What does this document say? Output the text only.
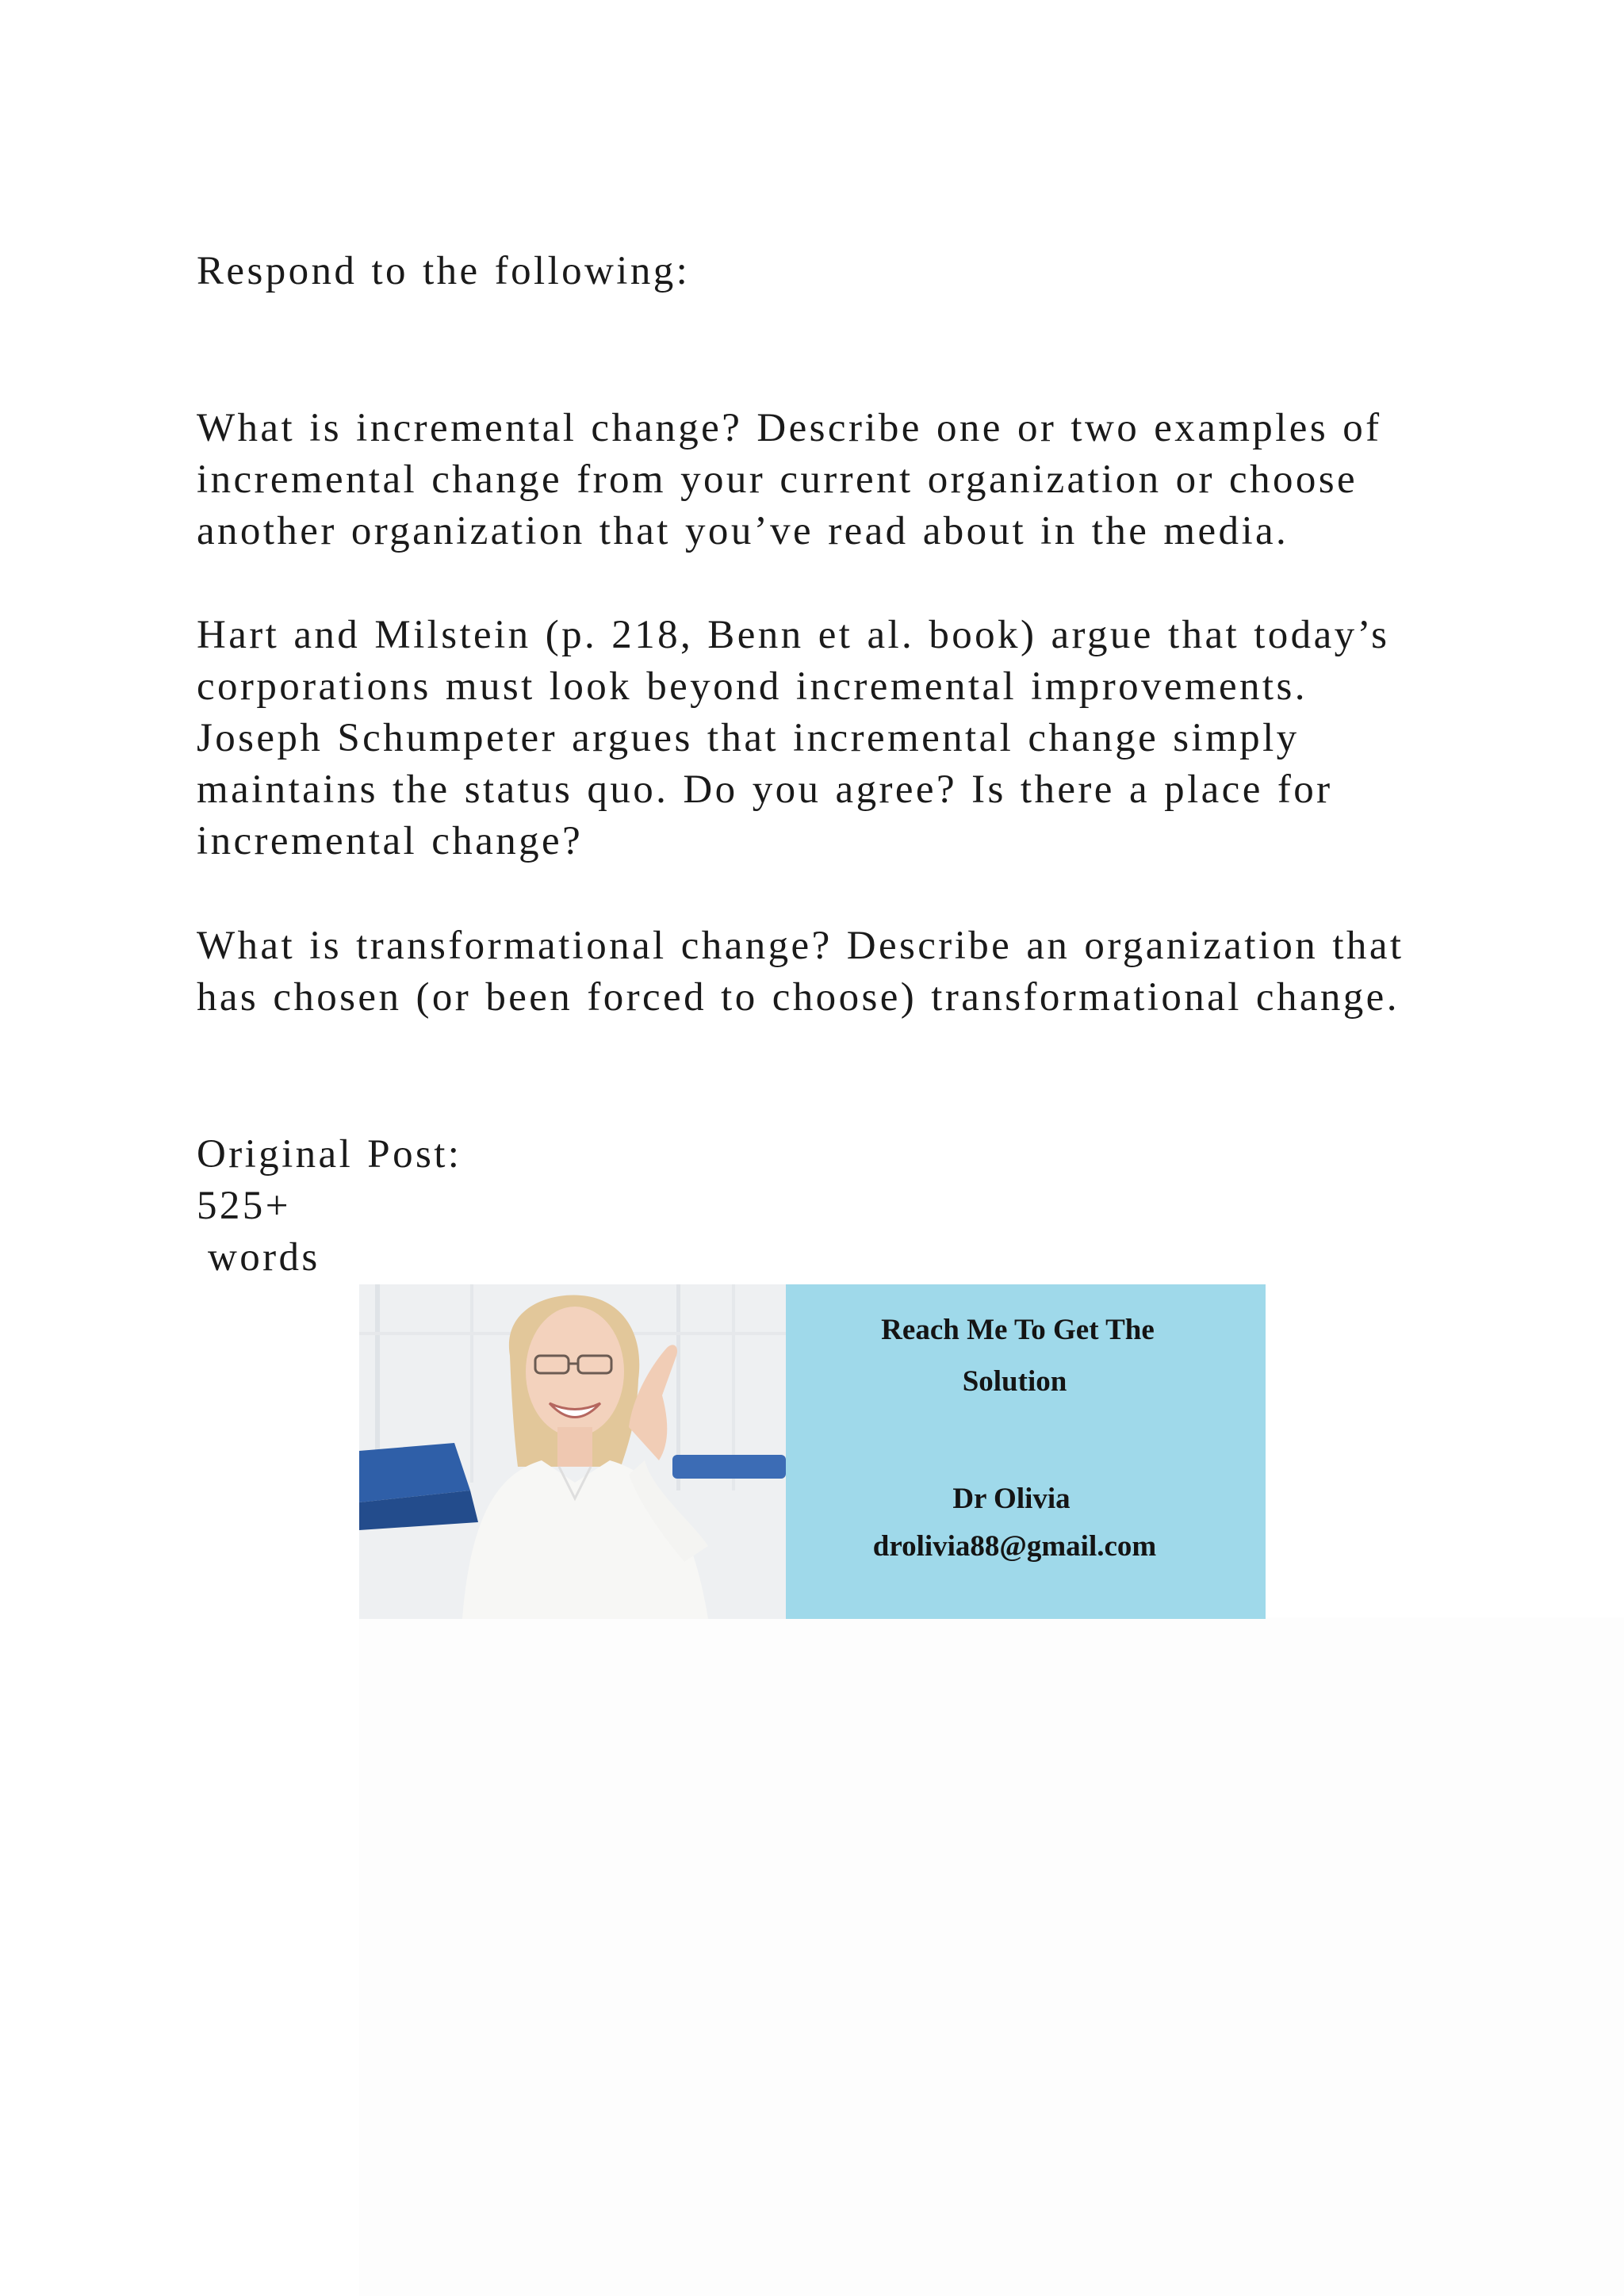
Respond to the following:
What is incremental change? Describe one or two examples of
incremental change from your current organization or choose
another organization that you’ve read about in the media.
Hart and Milstein (p. 218, Benn et al. book) argue that today’s
corporations must look beyond incremental improvements.
Joseph Schumpeter argues that incremental change simply
maintains the status quo. Do you agree? Is there a place for
incremental change?
What is transformational change? Describe an organization that
has chosen (or been forced to choose) transformational change.
Original Post:
525+
words
Reach Me To Get The
Solution
Dr Olivia
drolivia88@gmail.com
